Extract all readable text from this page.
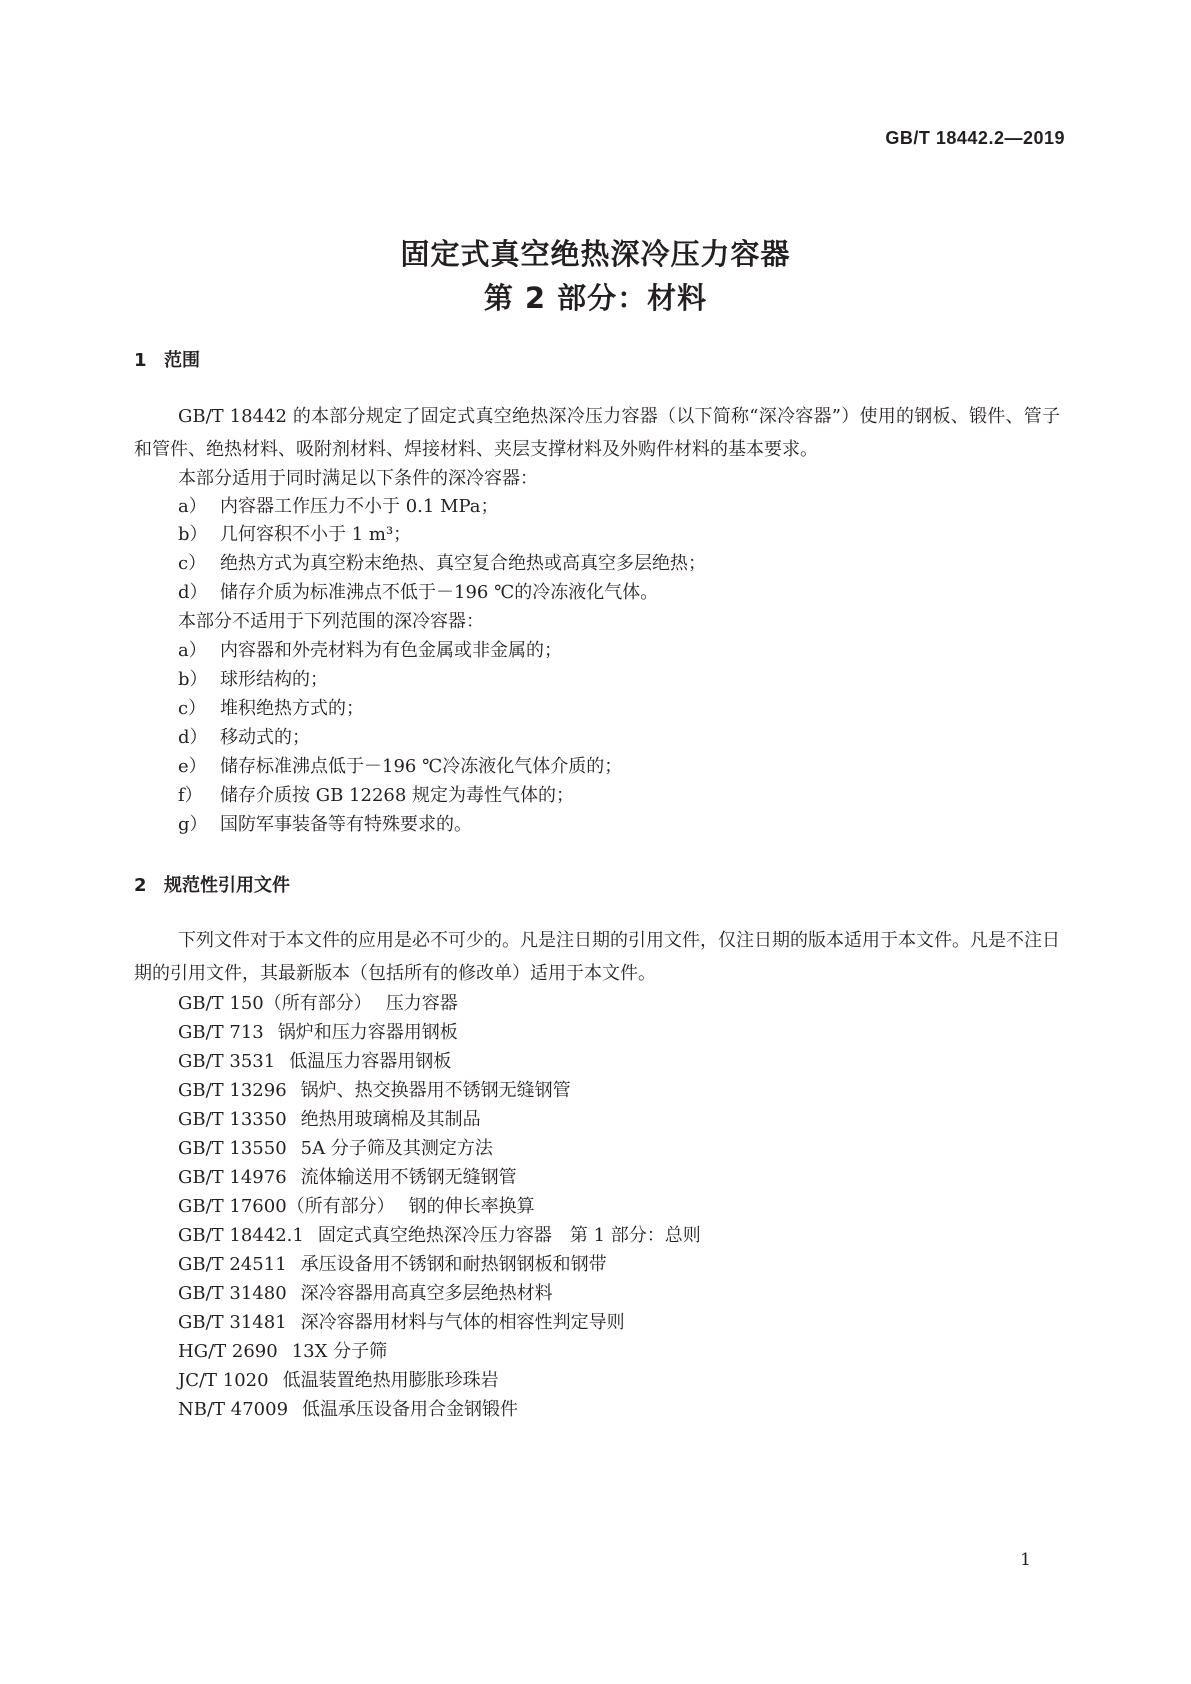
GB/T 18442.2—2019
固定式真空绝热深冷压力容器
第 2 部分：材料
1 范围
GB/T 18442 的本部分规定了固定式真空绝热深冷压力容器（以下简称“深冷容器”）使用的钢板、锻件、管子和管件、绝热材料、吸附剂材料、焊接材料、夹层支撑材料及外购件材料的基本要求。
本部分适用于同时满足以下条件的深冷容器：
a） 内容器工作压力不小于 0.1 MPa；
b） 几何容积不小于 1 m³；
c） 绝热方式为真空粉末绝热、真空复合绝热或高真空多层绝热；
d） 储存介质为标准沸点不低于－196 ℃的冷冻液化气体。
本部分不适用于下列范围的深冷容器：
a） 内容器和外壳材料为有色金属或非金属的；
b） 球形结构的；
c） 堆积绝热方式的；
d） 移动式的；
e） 储存标准沸点低于－196 ℃冷冻液化气体介质的；
f） 储存介质按 GB 12268 规定为毒性气体的；
g） 国防军事装备等有特殊要求的。
2 规范性引用文件
下列文件对于本文件的应用是必不可少的。凡是注日期的引用文件，仅注日期的版本适用于本文件。凡是不注日期的引用文件，其最新版本（包括所有的修改单）适用于本文件。
GB/T 150（所有部分） 压力容器
GB/T 713 锅炉和压力容器用钢板
GB/T 3531 低温压力容器用钢板
GB/T 13296 锅炉、热交换器用不锈钢无缝钢管
GB/T 13350 绝热用玻璃棉及其制品
GB/T 13550 5A 分子筛及其测定方法
GB/T 14976 流体输送用不锈钢无缝钢管
GB/T 17600（所有部分） 钢的伸长率换算
GB/T 18442.1 固定式真空绝热深冷压力容器　第 1 部分：总则
GB/T 24511 承压设备用不锈钢和耐热钢钢板和钢带
GB/T 31480 深冷容器用高真空多层绝热材料
GB/T 31481 深冷容器用材料与气体的相容性判定导则
HG/T 2690 13X 分子筛
JC/T 1020 低温装置绝热用膨胀珍珠岩
NB/T 47009 低温承压设备用合金钢锻件
1
